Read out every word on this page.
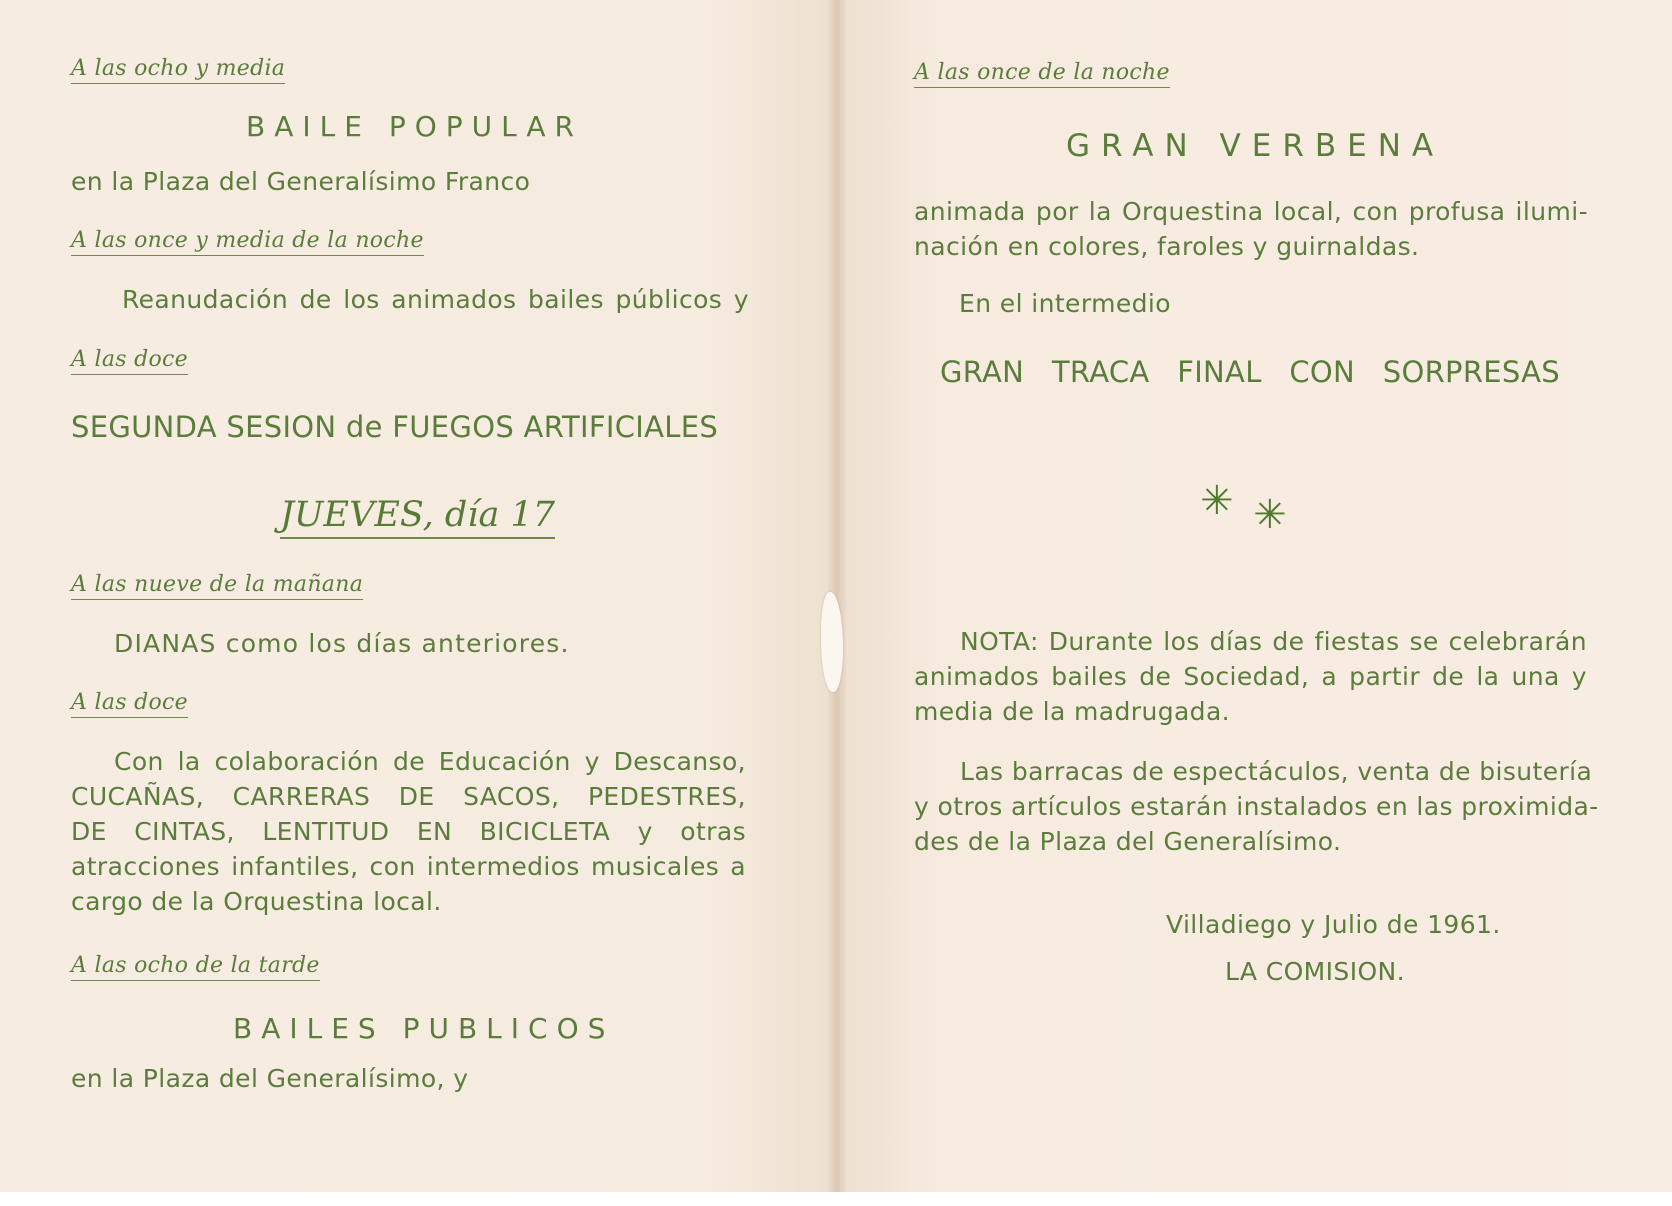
A las ocho y media
BAILE POPULAR
en la Plaza del Generalísimo Franco
A las once y media de la noche
Reanudación de los animados bailes públicos y
A las doce
SEGUNDA SESION de FUEGOS ARTIFICIALES
JUEVES, día 17
A las nueve de la mañana
DIANAS como los días anteriores.
A las doce
Con la colaboración de Educación y Descanso,
CUCAÑAS, CARRERAS DE SACOS, PEDESTRES,
DE CINTAS, LENTITUD EN BICICLETA y otras
atracciones infantiles, con intermedios musicales a
cargo de la Orquestina local.
A las ocho de la tarde
BAILES PUBLICOS
en la Plaza del Generalísimo, y
A las once de la noche
GRAN VERBENA
animada por la Orquestina local, con profusa ilumi-
nación en colores, faroles y guirnaldas.
En el intermedio
GRAN TRACA FINAL CON SORPRESAS
✳ ✳
NOTA: Durante los días de fiestas se celebrarán
animados bailes de Sociedad, a partir de la una y
media de la madrugada.
Las barracas de espectáculos, venta de bisutería
y otros artículos estarán instalados en las proximida-
des de la Plaza del Generalísimo.
Villadiego y Julio de 1961.
LA COMISION.
